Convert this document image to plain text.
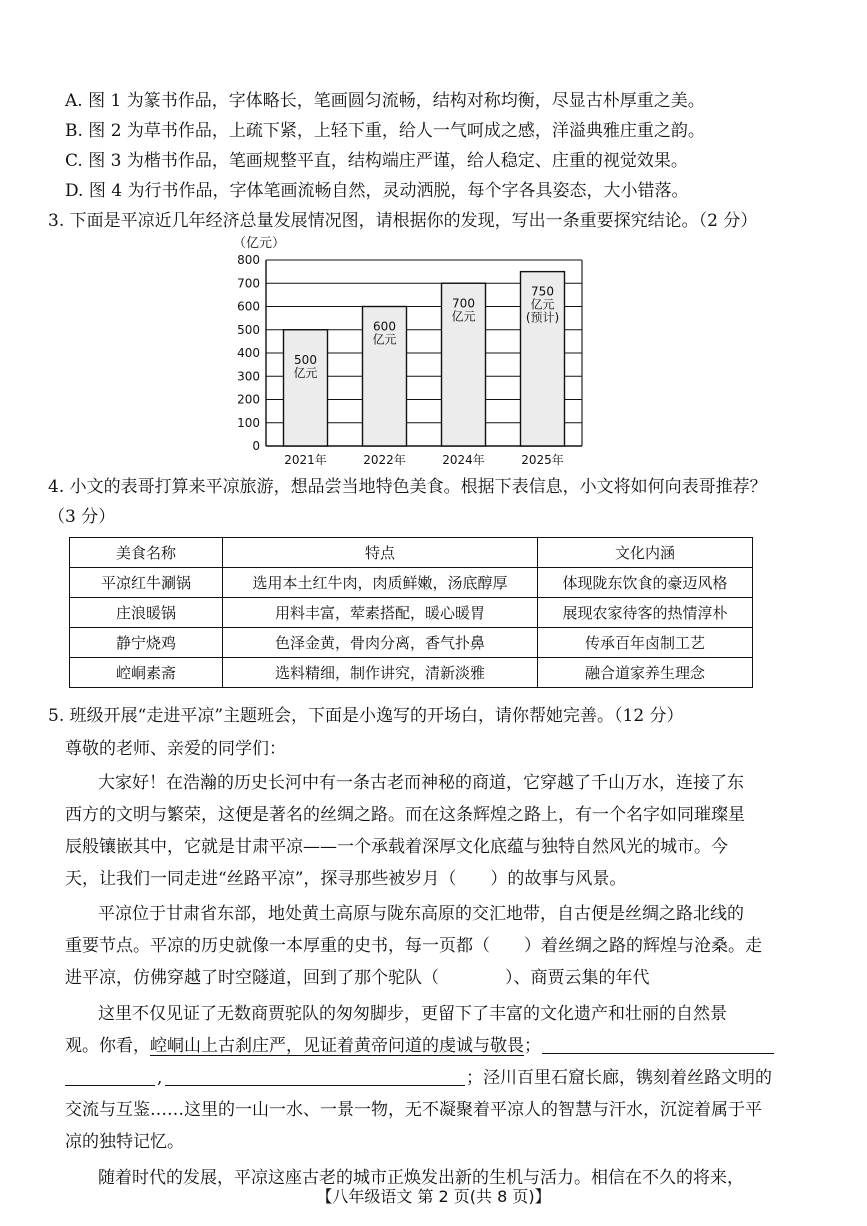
A. 图 1 为篆书作品，字体略长，笔画圆匀流畅，结构对称均衡，尽显古朴厚重之美。
B. 图 2 为草书作品，上疏下紧，上轻下重，给人一气呵成之感，洋溢典雅庄重之韵。
C. 图 3 为楷书作品，笔画规整平直，结构端庄严谨，给人稳定、庄重的视觉效果。
D. 图 4 为行书作品，字体笔画流畅自然，灵动洒脱，每个字各具姿态，大小错落。
3. 下面是平凉近几年经济总量发展情况图，请根据你的发现，写出一条重要探究结论。（2 分）
500
亿元
600
亿元
700
亿元
750
亿元
(预计)
0
100
200
300
400
500
600
700
800
2021年	2022年	2024年	2025年
（亿元）
4. 小文的表哥打算来平凉旅游，想品尝当地特色美食。根据下表信息，小文将如何向表哥推荐？
（3 分）
美食名称	特点	文化内涵
平凉红牛涮锅	选用本土红牛肉，肉质鲜嫩，汤底醇厚	体现陇东饮食的豪迈风格
庄浪暖锅	用料丰富，荤素搭配，暖心暖胃	展现农家待客的热情淳朴
静宁烧鸡	色泽金黄，骨肉分离，香气扑鼻	传承百年卤制工艺
崆峒素斋	选料精细，制作讲究，清新淡雅	融合道家养生理念
5. 班级开展“走进平凉”主题班会，下面是小逸写的开场白，请你帮她完善。（12 分）
尊敬的老师、亲爱的同学们：
大家好！在浩瀚的历史长河中有一条古老而神秘的商道，它穿越了千山万水，连接了东
西方的文明与繁荣，这便是著名的丝绸之路。而在这条辉煌之路上，有一个名字如同璀璨星
辰般镶嵌其中，它就是甘肃平凉——一个承载着深厚文化底蕴与独特自然风光的城市。今
天，让我们一同走进“丝路平凉”，探寻那些被岁月（ ）的故事与风景。
平凉位于甘肃省东部，地处黄土高原与陇东高原的交汇地带，自古便是丝绸之路北线的
重要节点。平凉的历史就像一本厚重的史书，每一页都（ ）着丝绸之路的辉煌与沧桑。走
进平凉，仿佛穿越了时空隧道，回到了那个驼队（	）、商贾云集的年代
这里不仅见证了无数商贾驼队的匆匆脚步，更留下了丰富的文化遗产和壮丽的自然景
观。你看，崆峒山上古刹庄严，见证着黄帝问道的虔诚与敬畏；
,	；泾川百里石窟长廊，镌刻着丝路文明的
交流与互鉴……这里的一山一水、一景一物，无不凝聚着平凉人的智慧与汗水，沉淀着属于平
凉的独特记忆。
随着时代的发展，平凉这座古老的城市正焕发出新的生机与活力。相信在不久的将来，
【八年级语文 第 2 页(共 8 页)】
